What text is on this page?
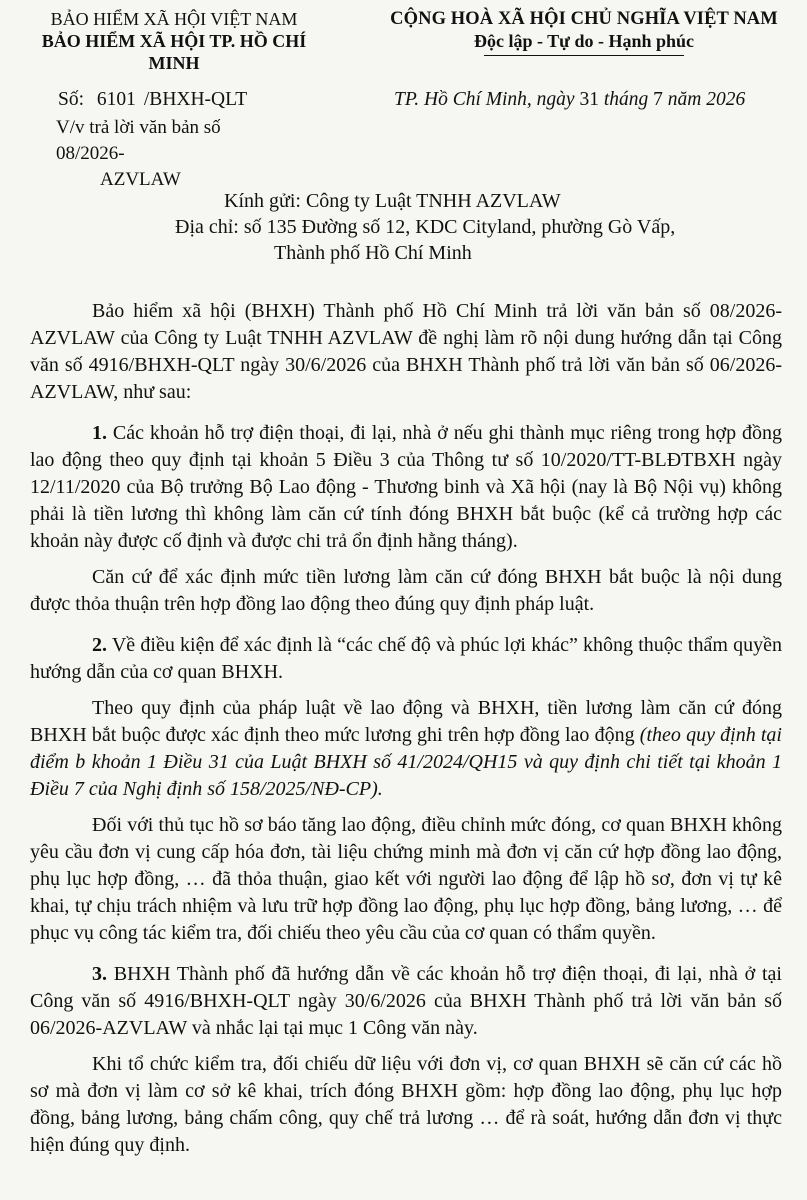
BẢO HIỂM XÃ HỘI VIỆT NAM
BẢO HIỂM XÃ HỘI TP. HỒ CHÍ MINH
CỘNG HOÀ XÃ HỘI CHỦ NGHĨA VIỆT NAM
Độc lập - Tự do - Hạnh phúc
Số: 6101 /BHXH-QLT
V/v trả lời văn bản số 08/2026-
AZVLAW
TP. Hồ Chí Minh, ngày 31 tháng 7 năm 2026
Kính gửi: Công ty Luật TNHH AZVLAW
Địa chỉ: số 135 Đường số 12, KDC Cityland, phường Gò Vấp,
Thành phố Hồ Chí Minh

Bảo hiểm xã hội (BHXH) Thành phố Hồ Chí Minh trả lời văn bản số 08/2026-AZVLAW của Công ty Luật TNHH AZVLAW đề nghị làm rõ nội dung hướng dẫn tại Công văn số 4916/BHXH-QLT ngày 30/6/2026 của BHXH Thành phố trả lời văn bản số 06/2026-AZVLAW, như sau:

1. Các khoản hỗ trợ điện thoại, đi lại, nhà ở nếu ghi thành mục riêng trong hợp đồng lao động theo quy định tại khoản 5 Điều 3 của Thông tư số 10/2020/TT-BLĐTBXH ngày 12/11/2020 của Bộ trưởng Bộ Lao động - Thương binh và Xã hội (nay là Bộ Nội vụ) không phải là tiền lương thì không làm căn cứ tính đóng BHXH bắt buộc (kể cả trường hợp các khoản này được cố định và được chi trả ổn định hằng tháng).

Căn cứ để xác định mức tiền lương làm căn cứ đóng BHXH bắt buộc là nội dung được thỏa thuận trên hợp đồng lao động theo đúng quy định pháp luật.

2. Về điều kiện để xác định là “các chế độ và phúc lợi khác” không thuộc thẩm quyền hướng dẫn của cơ quan BHXH.

Theo quy định của pháp luật về lao động và BHXH, tiền lương làm căn cứ đóng BHXH bắt buộc được xác định theo mức lương ghi trên hợp đồng lao động (theo quy định tại điểm b khoản 1 Điều 31 của Luật BHXH số 41/2024/QH15 và quy định chi tiết tại khoản 1 Điều 7 của Nghị định số 158/2025/NĐ-CP).

Đối với thủ tục hồ sơ báo tăng lao động, điều chỉnh mức đóng, cơ quan BHXH không yêu cầu đơn vị cung cấp hóa đơn, tài liệu chứng minh mà đơn vị căn cứ hợp đồng lao động, phụ lục hợp đồng, … đã thỏa thuận, giao kết với người lao động để lập hồ sơ, đơn vị tự kê khai, tự chịu trách nhiệm và lưu trữ hợp đồng lao động, phụ lục hợp đồng, bảng lương, … để phục vụ công tác kiểm tra, đối chiếu theo yêu cầu của cơ quan có thẩm quyền.

3. BHXH Thành phố đã hướng dẫn về các khoản hỗ trợ điện thoại, đi lại, nhà ở tại Công văn số 4916/BHXH-QLT ngày 30/6/2026 của BHXH Thành phố trả lời văn bản số 06/2026-AZVLAW và nhắc lại tại mục 1 Công văn này.

Khi tổ chức kiểm tra, đối chiếu dữ liệu với đơn vị, cơ quan BHXH sẽ căn cứ các hồ sơ mà đơn vị làm cơ sở kê khai, trích đóng BHXH gồm: hợp đồng lao động, phụ lục hợp đồng, bảng lương, bảng chấm công, quy chế trả lương … để rà soát, hướng dẫn đơn vị thực hiện đúng quy định.
